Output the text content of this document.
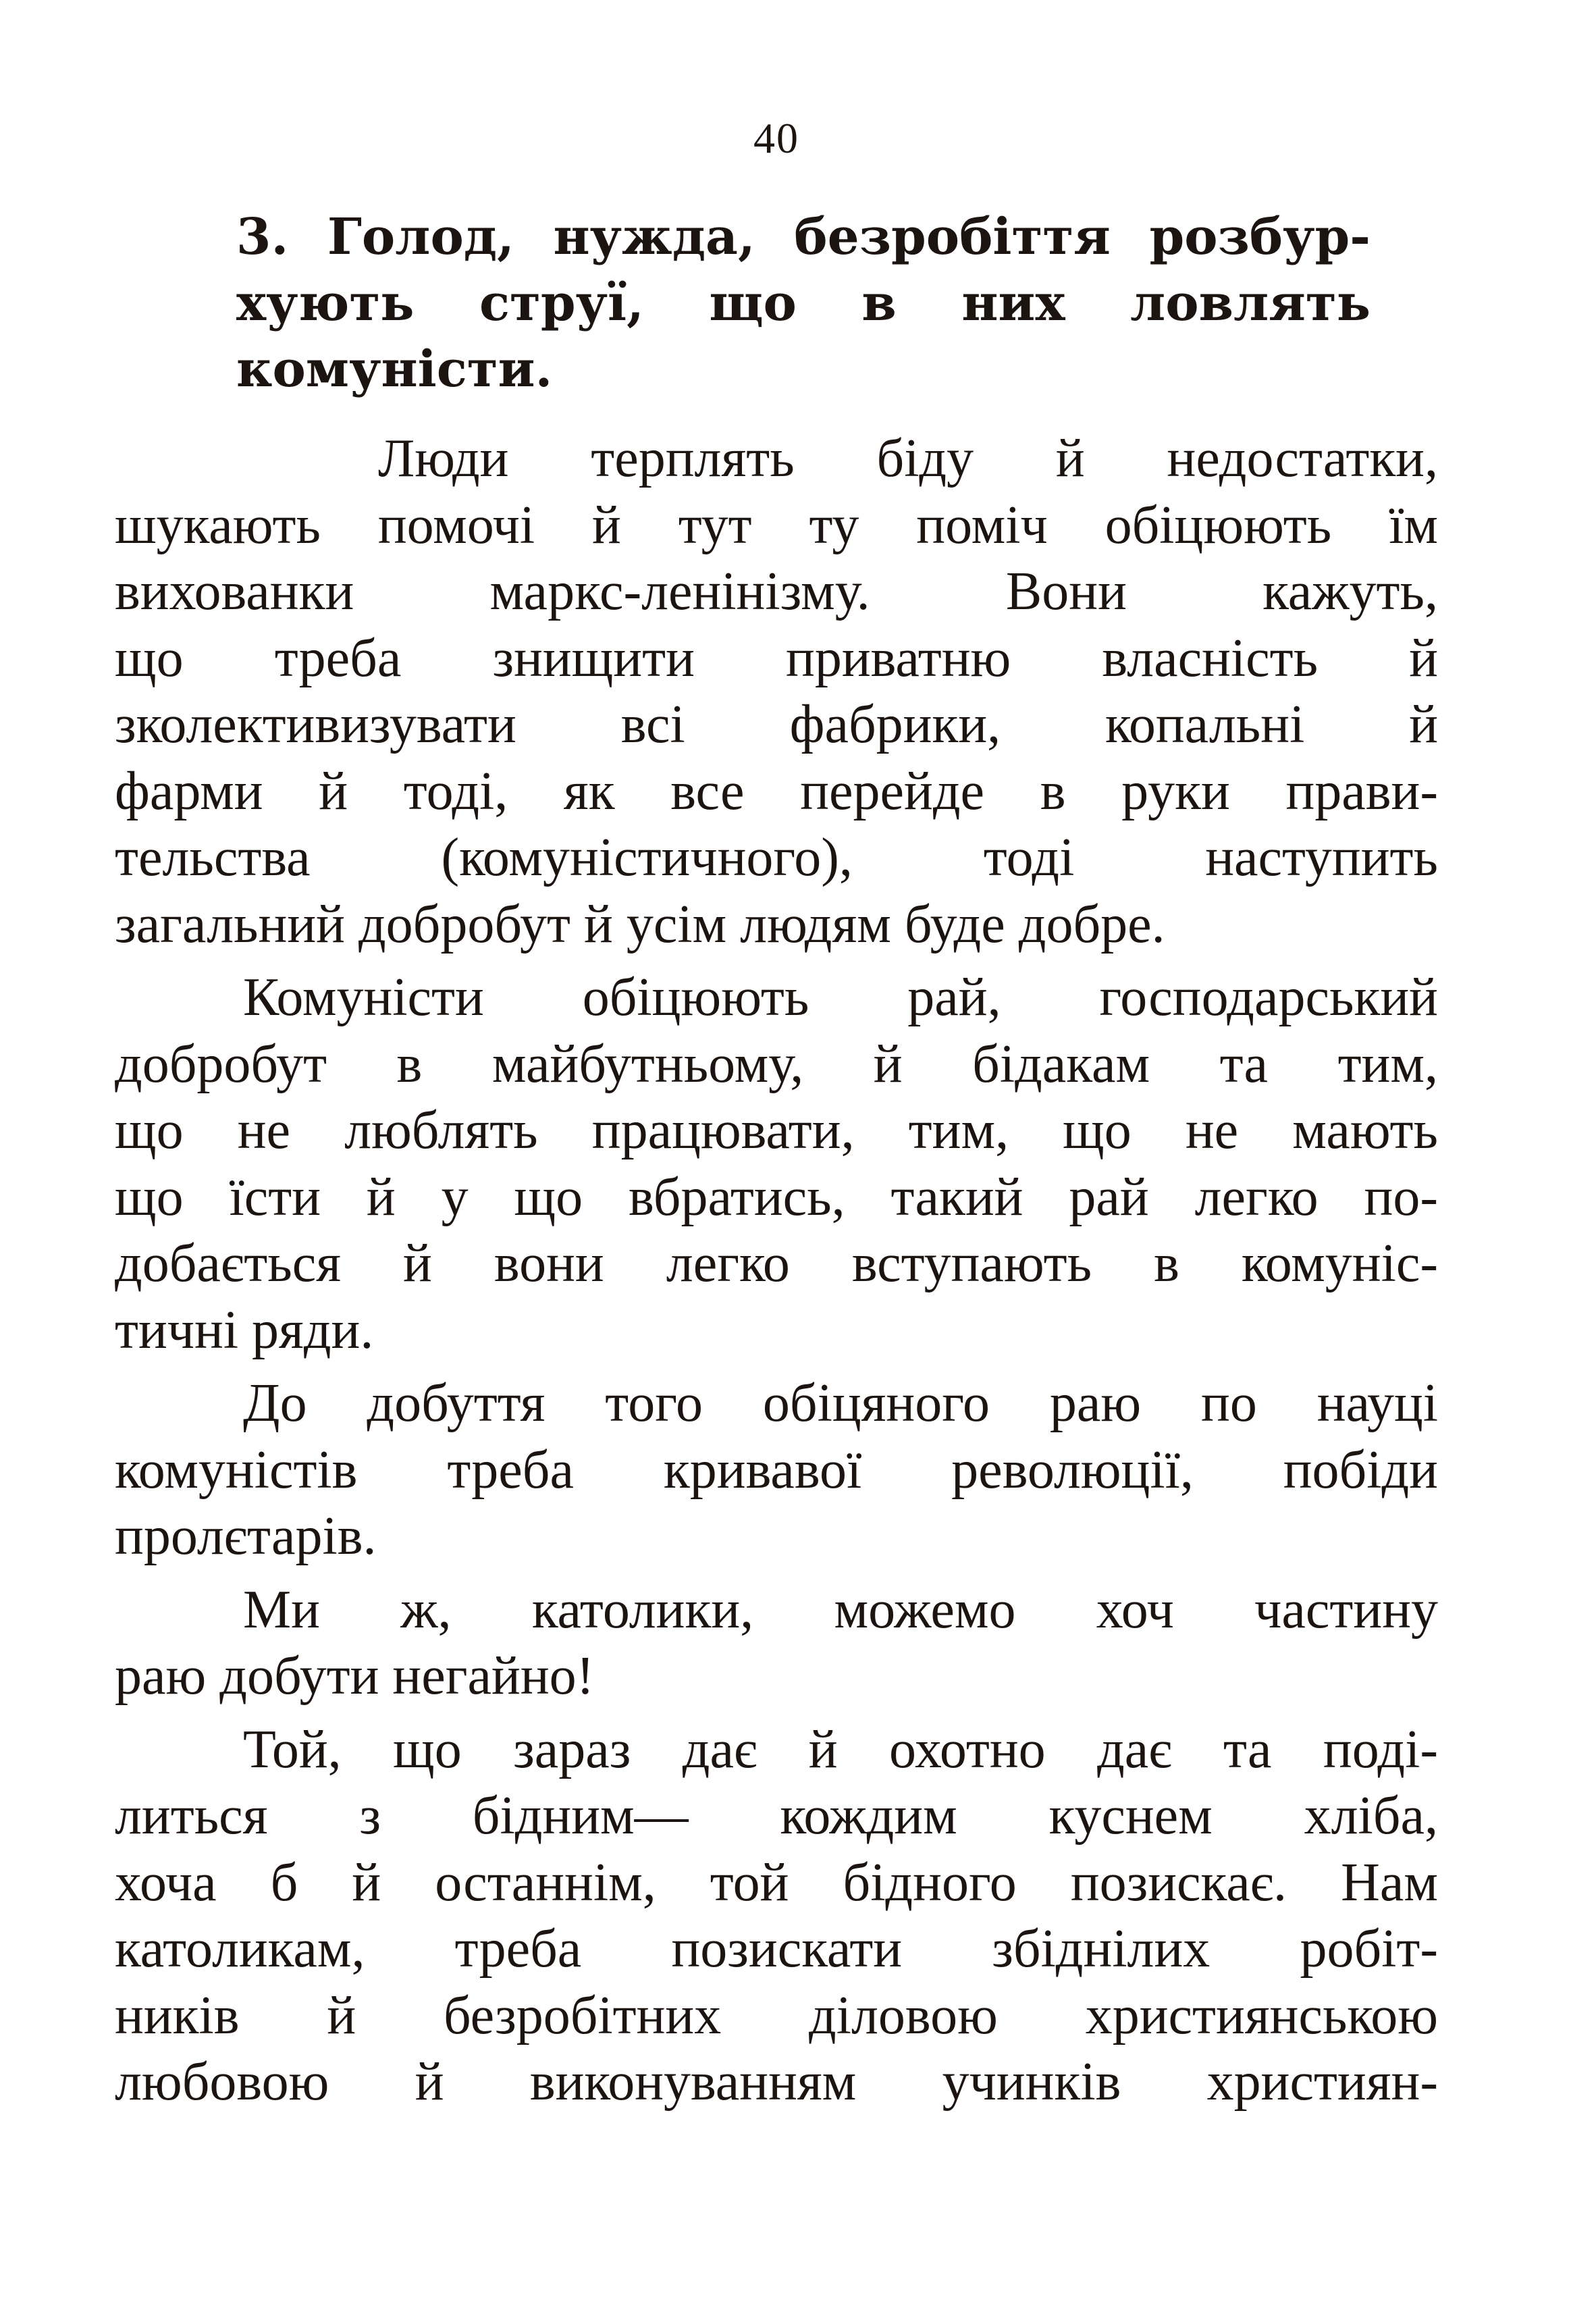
40
3. Голод, нужда, безробіття розбур-
хують струї, що в них ловлять
комуністи.
Люди терплять біду й недостатки,
шукають помочі й тут ту поміч обіцюють їм
вихованки маркс-ленінізму. Вони кажуть,
що треба знищити приватню власність й
зколективизувати всі фабрики, копальні й
фарми й тоді, як все перейде в руки прави-
тельства (комуністичного), тоді наступить
загальний добробут й усім людям буде добре.
Комуністи обіцюють рай, господарський
добробут в майбутньому, й бідакам та тим,
що не люблять працювати, тим, що не мають
що їсти й у що вбратись, такий рай легко по-
добається й вони легко вступають в комуніс-
тичні ряди.
До добуття того обіцяного раю по науці
комуністів треба кривавої революції, побіди
пролєтарів.
Ми ж, католики, можемо хоч частину
раю добути негайно!
Той, що зараз дає й охотно дає та поді-
литься з бідним— кождим куснем хліба,
хоча б й останнім, той бідного позискає. Нам
католикам, треба позискати збіднілих робіт-
ників й безробітних діловою християнською
любовою й виконуванням учинків християн-
